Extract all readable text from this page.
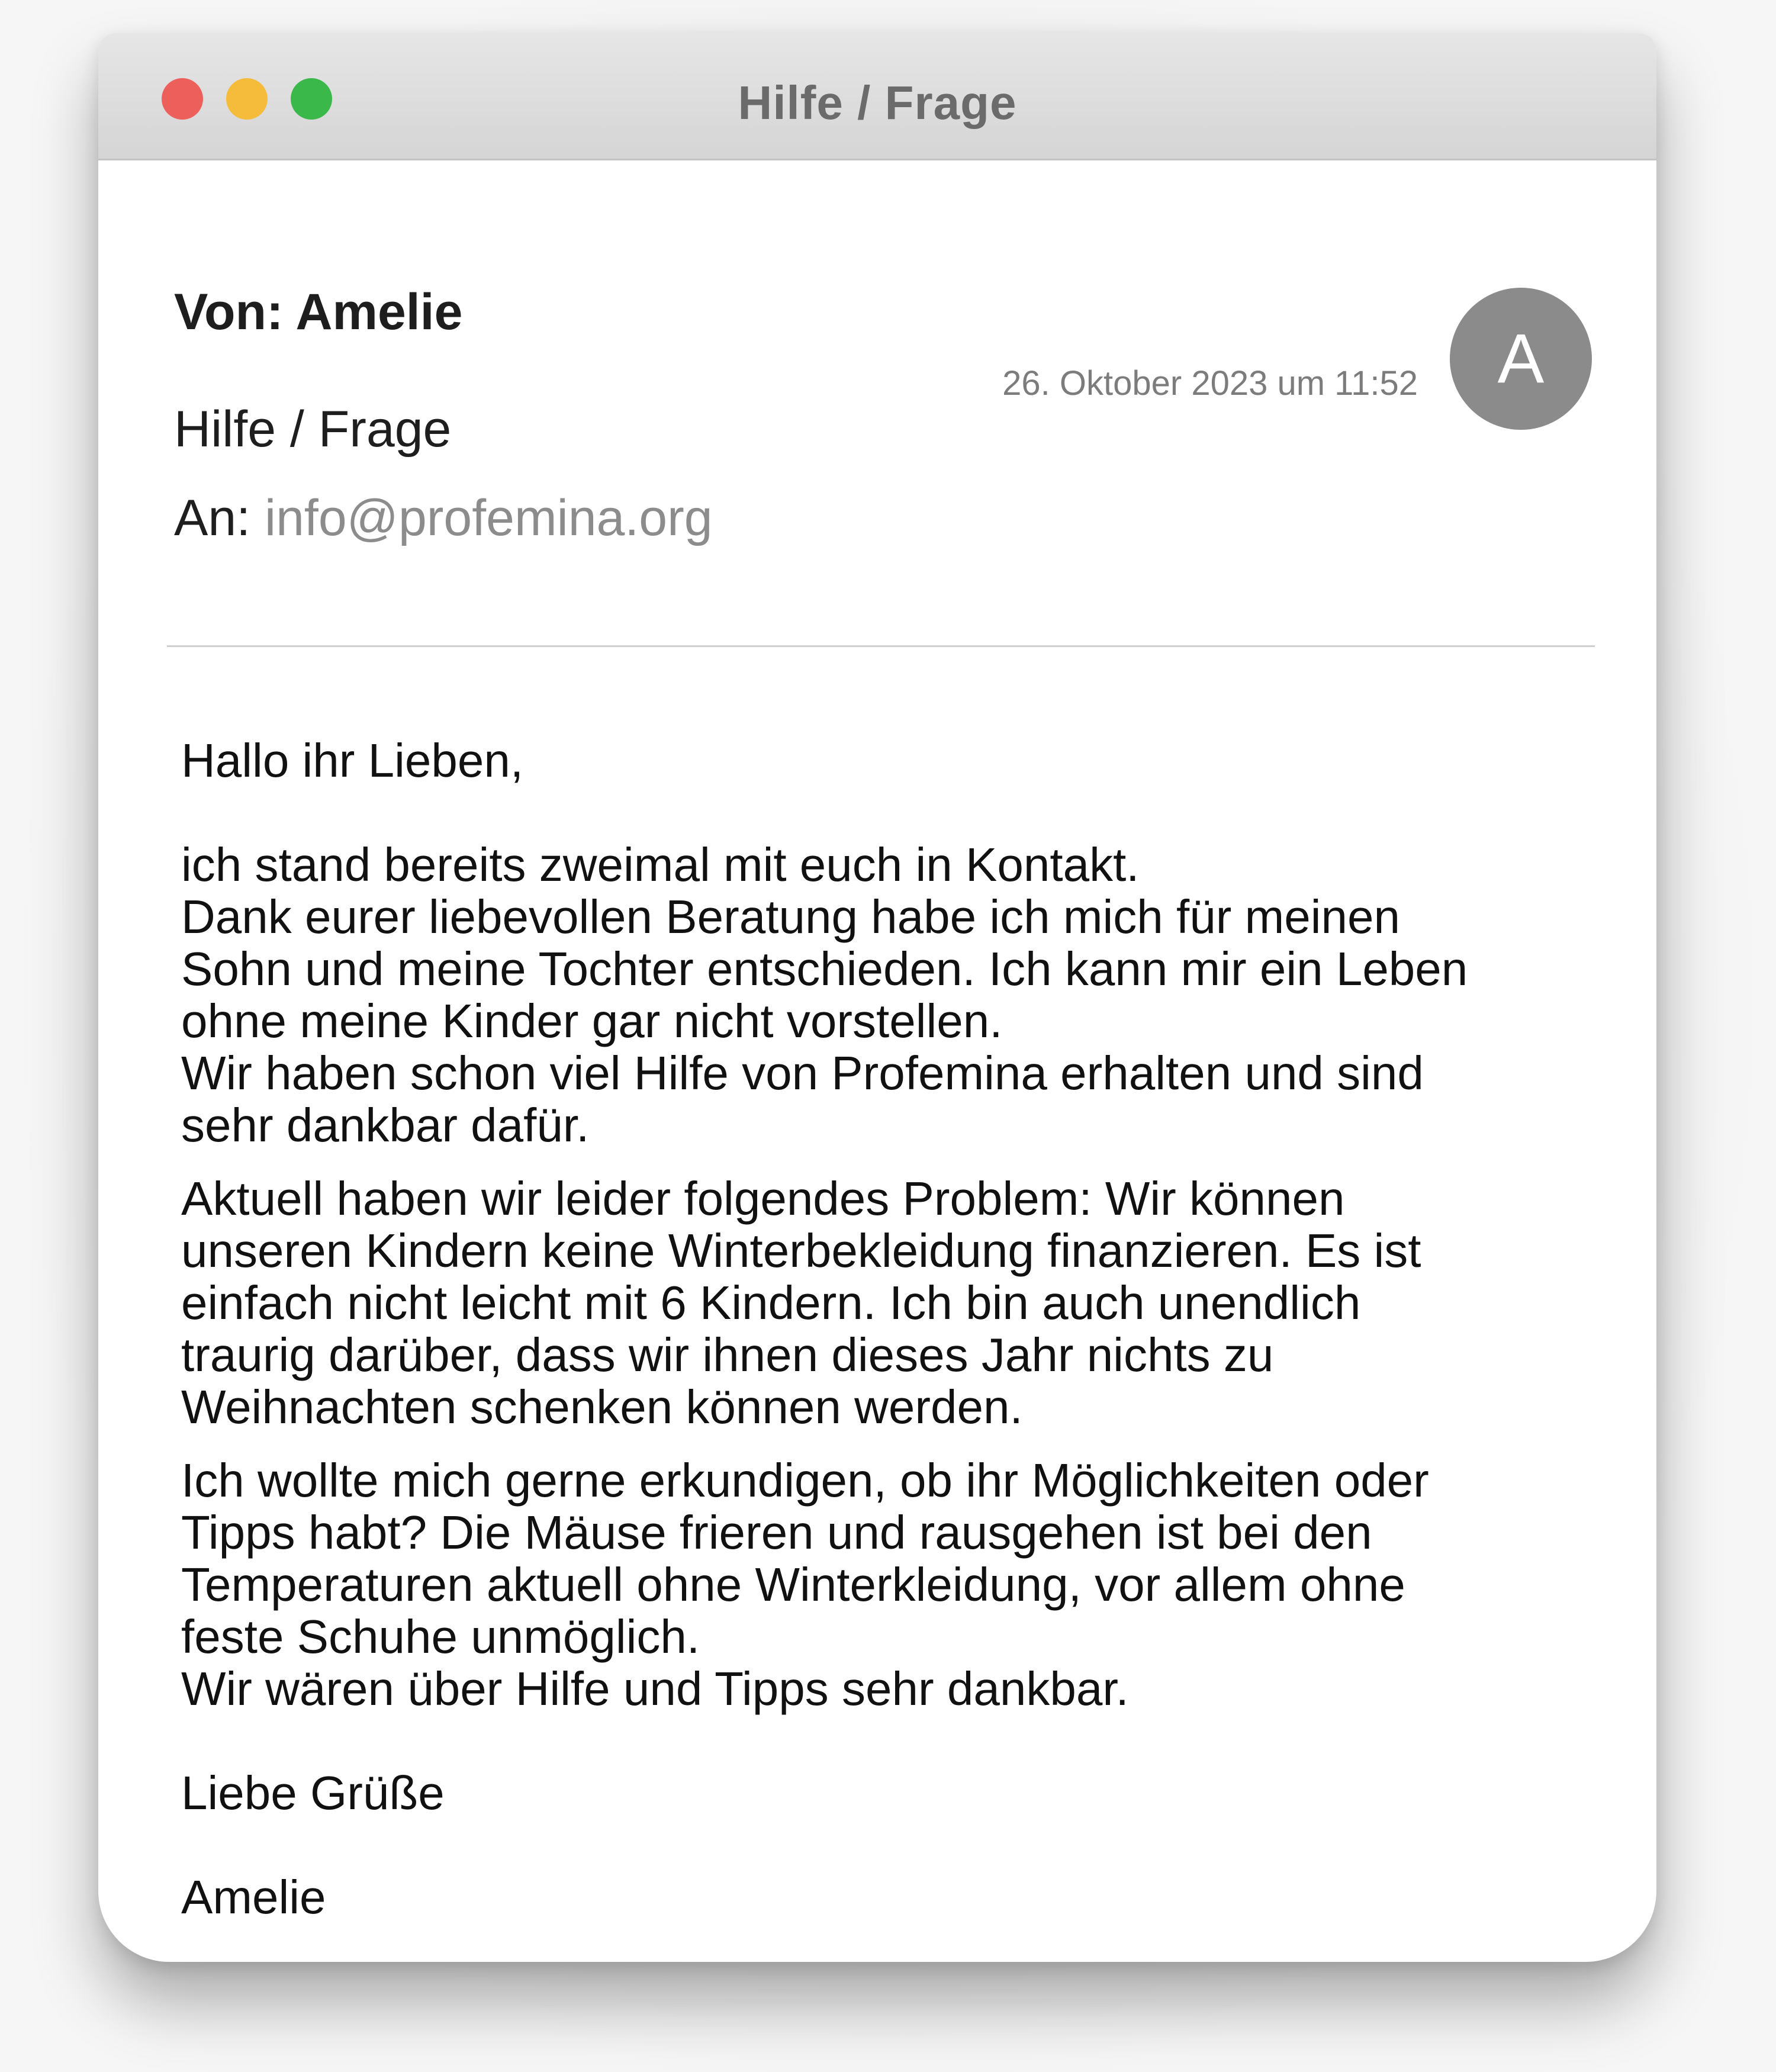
Hilfe / Frage
Von: Amelie
Hilfe / Frage
An: info@profemina.org
26. Oktober 2023 um 11:52 A

Hallo ihr Lieben,

ich stand bereits zweimal mit euch in Kontakt.

Dank eurer liebevollen Beratung habe ich mich für meinen

Sohn und meine Tochter entschieden. Ich kann mir ein Leben

ohne meine Kinder gar nicht vorstellen.

Wir haben schon viel Hilfe von Profemina erhalten und sind

sehr dankbar dafür.

Aktuell haben wir leider folgendes Problem: Wir können

unseren Kindern keine Winterbekleidung finanzieren. Es ist

einfach nicht leicht mit 6 Kindern. Ich bin auch unendlich

traurig darüber, dass wir ihnen dieses Jahr nichts zu

Weihnachten schenken können werden.

Ich wollte mich gerne erkundigen, ob ihr Möglichkeiten oder

Tipps habt? Die Mäuse frieren und rausgehen ist bei den

Temperaturen aktuell ohne Winterkleidung, vor allem ohne

feste Schuhe unmöglich.

Wir wären über Hilfe und Tipps sehr dankbar.

Liebe Grüße

Amelie
